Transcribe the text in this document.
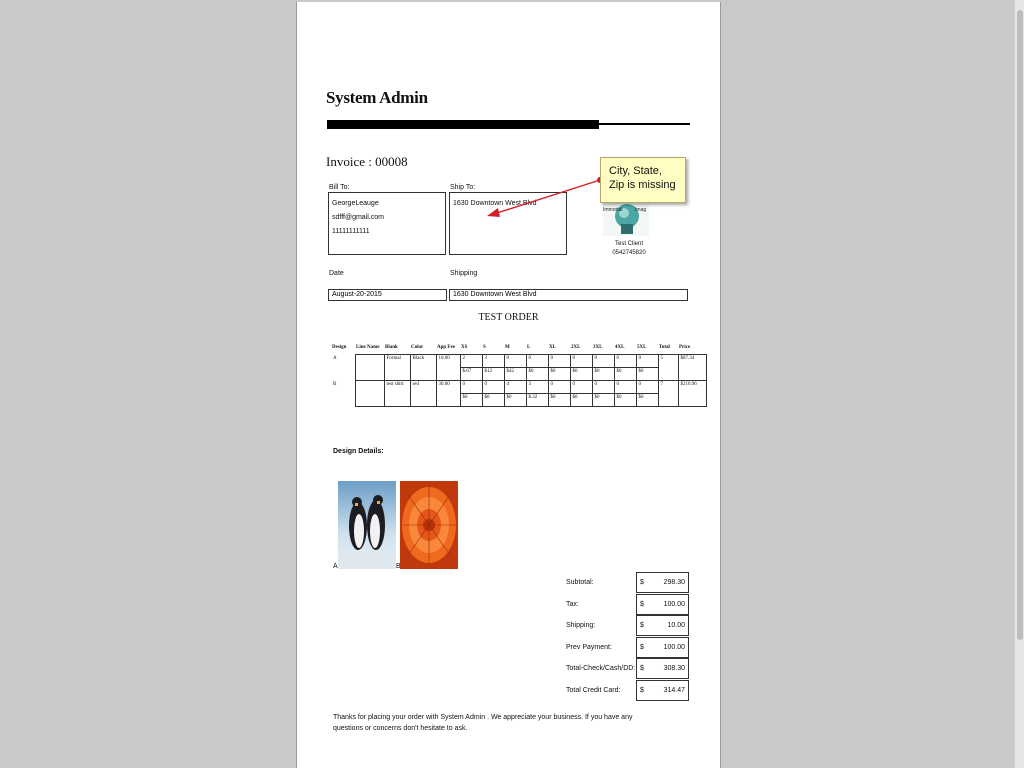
System Admin
Invoice : 00008
Bill To:
GeorgeLeauge
sdfff@gmail.com
11111111111
Ship To:
1630 Downtown West Blvd
Immortal	Imag
Test Client
0542745820
Date
August-20-2015
Shipping
1630 Downtown West Blvd
TEST ORDER
Design	Line Name	Blank	Color	App Fee	XS	S	M	L	XL	2XL	3XL	4XL	5XL	Total	Price
A		Formal	Black	10.00	2	3	0	0	0	0	0	0	0	5	$87.34
					$.67	$12	$42	$0	$0	$0	$0	$0	$0		
B		test shirt	red	30.00	0	0	4	3	0	0	0	0	0	7	$210.96
					$0	$0	$0	$.32	$0	$0	$0	$0	$0		
Design Details:
A	B
Subtotal:	$	298.30
Tax:	$	100.00
Shipping:	$	10.00
Prev Payment:	$	100.00
Total-Check/Cash/DD: $	308.30
Total Credit Card:	$	314.47
Thanks for placing your order with System Admin . We appreciate your business. If you have any questions or concerns don't hesitate to ask.
City, State, Zip is missing
